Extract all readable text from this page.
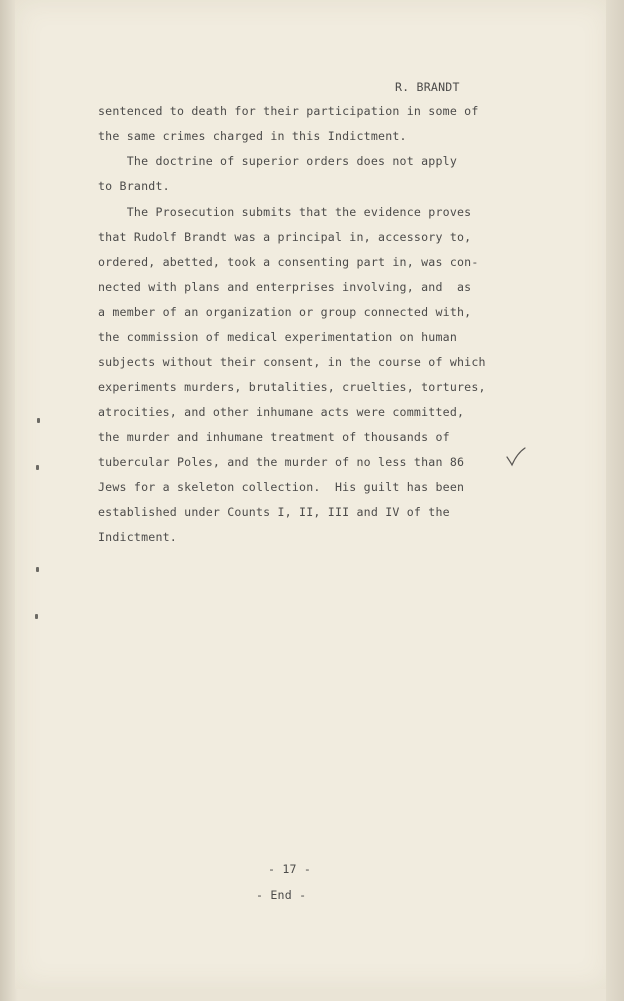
R. BRANDT
sentenced to death for their participation in some of
the same crimes charged in this Indictment.
The doctrine of superior orders does not apply
to Brandt.
The Prosecution submits that the evidence proves
that Rudolf Brandt was a principal in, accessory to,
ordered, abetted, took a consenting part in, was con-
nected with plans and enterprises involving, and  as
a member of an organization or group connected with,
the commission of medical experimentation on human
subjects without their consent, in the course of which
experiments murders, brutalities, cruelties, tortures,
atrocities, and other inhumane acts were committed,
the murder and inhumane treatment of thousands of
tubercular Poles, and the murder of no less than 86
Jews for a skeleton collection.  His guilt has been
established under Counts I, II, III and IV of the
Indictment.
- 17 -
- End -
